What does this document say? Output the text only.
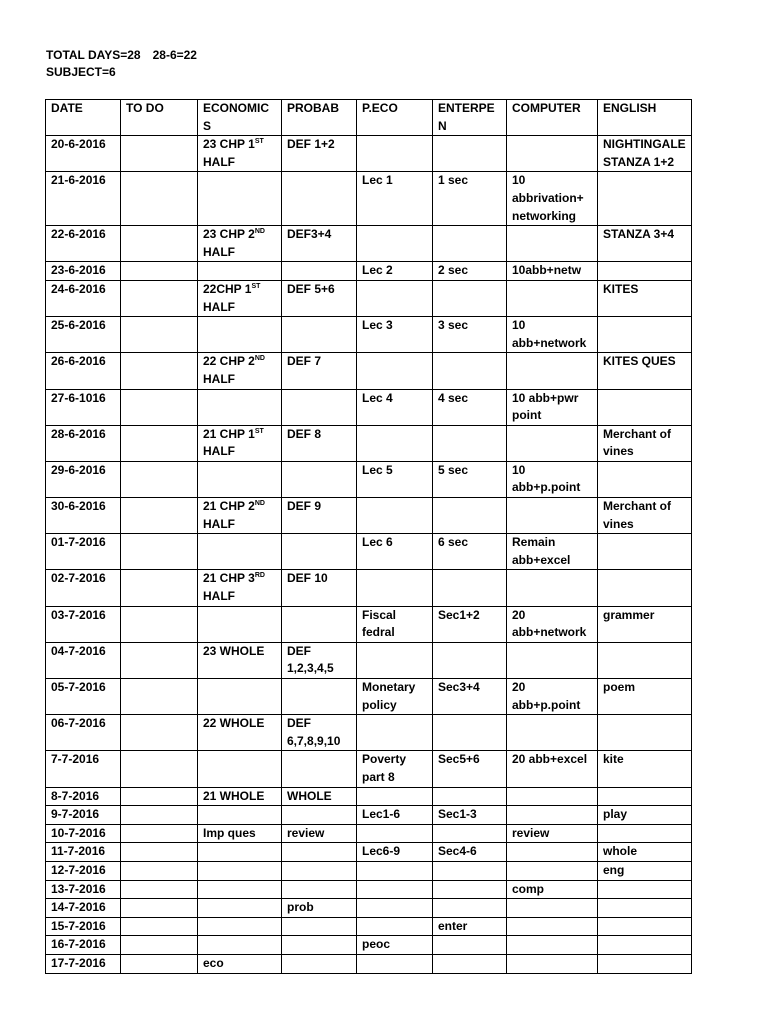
TOTAL DAYS=28 28-6=22
SUBJECT=6
DATE	TO DO	ECONOMICS	PROBAB	P.ECO	ENTERPEN	COMPUTER	ENGLISH
20-6-2016		23 CHP 1ST HALF	DEF 1+2				NIGHTINGALE STANZA 1+2
21-6-2016				Lec 1	1 sec	10 abbrivation+ networking	
22-6-2016		23 CHP 2ND HALF	DEF3+4				STANZA 3+4
23-6-2016				Lec 2	2 sec	10abb+netw	
24-6-2016		22CHP 1ST HALF	DEF 5+6				KITES
25-6-2016				Lec 3	3 sec	10 abb+network	
26-6-2016		22 CHP 2ND HALF	DEF 7				KITES QUES
27-6-1016				Lec 4	4 sec	10 abb+pwr point	
28-6-2016		21 CHP 1ST HALF	DEF 8				Merchant of vines
29-6-2016				Lec 5	5 sec	10 abb+p.point	
30-6-2016		21 CHP 2ND HALF	DEF 9				Merchant of vines
01-7-2016				Lec 6	6 sec	Remain abb+excel	
02-7-2016		21 CHP 3RD HALF	DEF 10				
03-7-2016				Fiscal fedral	Sec1+2	20 abb+network	grammer
04-7-2016		23 WHOLE	DEF 1,2,3,4,5				
05-7-2016				Monetary policy	Sec3+4	20 abb+p.point	poem
06-7-2016		22 WHOLE	DEF 6,7,8,9,10				
7-7-2016				Poverty part 8	Sec5+6	20 abb+excel	kite
8-7-2016		21 WHOLE	WHOLE				
9-7-2016				Lec1-6	Sec1-3		play
10-7-2016		Imp ques	review			review	
11-7-2016				Lec6-9	Sec4-6		whole
12-7-2016							eng
13-7-2016						comp	
14-7-2016			prob				
15-7-2016					enter		
16-7-2016				peoc			
17-7-2016		eco					
